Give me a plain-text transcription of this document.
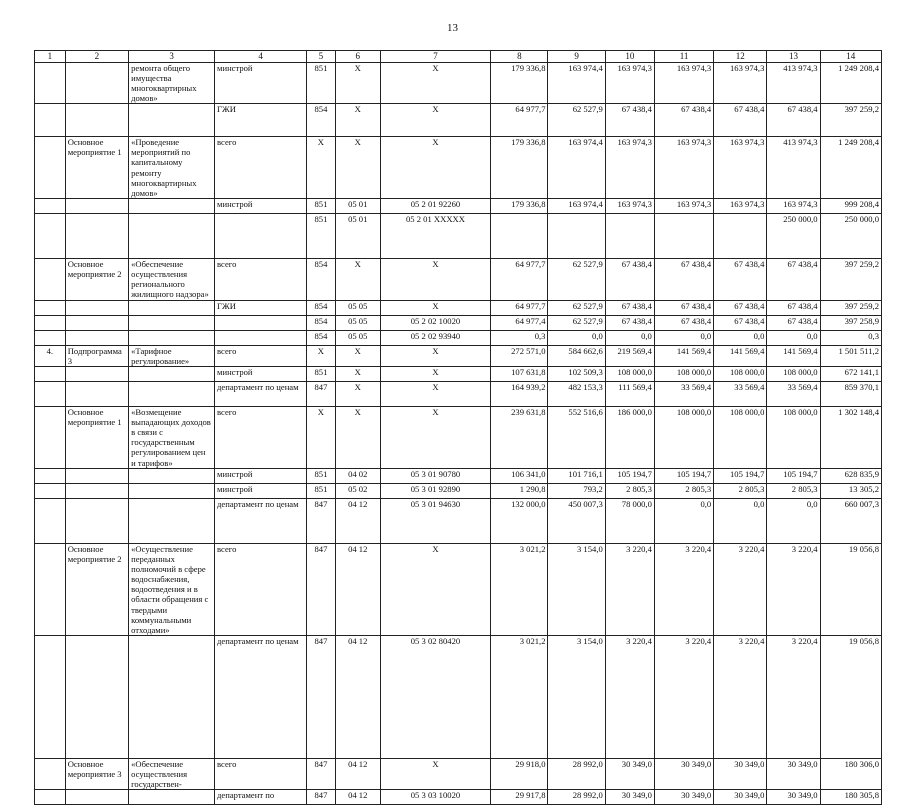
13
1	2	3	4	5	6	7	8	9	10	11	12	13	14
		ремонта общего имущества многоквартирных домов»	минстрой	851	X	X	179 336,8	163 974,4	163 974,3	163 974,3	163 974,3	413 974,3	1 249 208,4
			ГЖИ	854	X	X	64 977,7	62 527,9	67 438,4	67 438,4	67 438,4	67 438,4	397 259,2
	Основное мероприятие 1	«Проведение мероприятий по капитальному ремонту многоквартирных домов»	всего	X	X	X	179 336,8	163 974,4	163 974,3	163 974,3	163 974,3	413 974,3	1 249 208,4
			минстрой	851	05 01	05 2 01 92260	179 336,8	163 974,4	163 974,3	163 974,3	163 974,3	163 974,3	999 208,4
				851	05 01	05 2 01 XXXXX						250 000,0	250 000,0
	Основное мероприятие 2	«Обеспечение осуществления регионального жилищного надзора»	всего	854	X	X	64 977,7	62 527,9	67 438,4	67 438,4	67 438,4	67 438,4	397 259,2
			ГЖИ	854	05 05	X	64 977,7	62 527,9	67 438,4	67 438,4	67 438,4	67 438,4	397 259,2
				854	05 05	05 2 02 10020	64 977,4	62 527,9	67 438,4	67 438,4	67 438,4	67 438,4	397 258,9
				854	05 05	05 2 02 93940	0,3	0,0	0,0	0,0	0,0	0,0	0,3
4.	Подпрограмма 3	«Тарифное регулирование»	всего	X	X	X	272 571,0	584 662,6	219 569,4	141 569,4	141 569,4	141 569,4	1 501 511,2
			минстрой	851	X	X	107 631,8	102 509,3	108 000,0	108 000,0	108 000,0	108 000,0	672 141,1
			департамент по ценам	847	X	X	164 939,2	482 153,3	111 569,4	33 569,4	33 569,4	33 569,4	859 370,1
	Основное мероприятие 1	«Возмещение выпадающих доходов в связи с государственным регулированием цен и тарифов»	всего	X	X	X	239 631,8	552 516,6	186 000,0	108 000,0	108 000,0	108 000,0	1 302 148,4
			минстрой	851	04 02	05 3 01 90780	106 341,0	101 716,1	105 194,7	105 194,7	105 194,7	105 194,7	628 835,9
			минстрой	851	05 02	05 3 01 92890	1 290,8	793,2	2 805,3	2 805,3	2 805,3	2 805,3	13 305,2
			департамент по ценам	847	04 12	05 3 01 94630	132 000,0	450 007,3	78 000,0	0,0	0,0	0,0	660 007,3
	Основное мероприятие 2	«Осуществление переданных полномочий в сфере водоснабжения, водоотведения и в области обращения с твердыми коммунальными отходами»	всего	847	04 12	X	3 021,2	3 154,0	3 220,4	3 220,4	3 220,4	3 220,4	19 056,8
			департамент по ценам	847	04 12	05 3 02 80420	3 021,2	3 154,0	3 220,4	3 220,4	3 220,4	3 220,4	19 056,8
	Основное мероприятие 3	«Обеспечение осуществления государствен-	всего	847	04 12	X	29 918,0	28 992,0	30 349,0	30 349,0	30 349,0	30 349,0	180 306,0
			департамент по	847	04 12	05 3 03 10020	29 917,8	28 992,0	30 349,0	30 349,0	30 349,0	30 349,0	180 305,8
